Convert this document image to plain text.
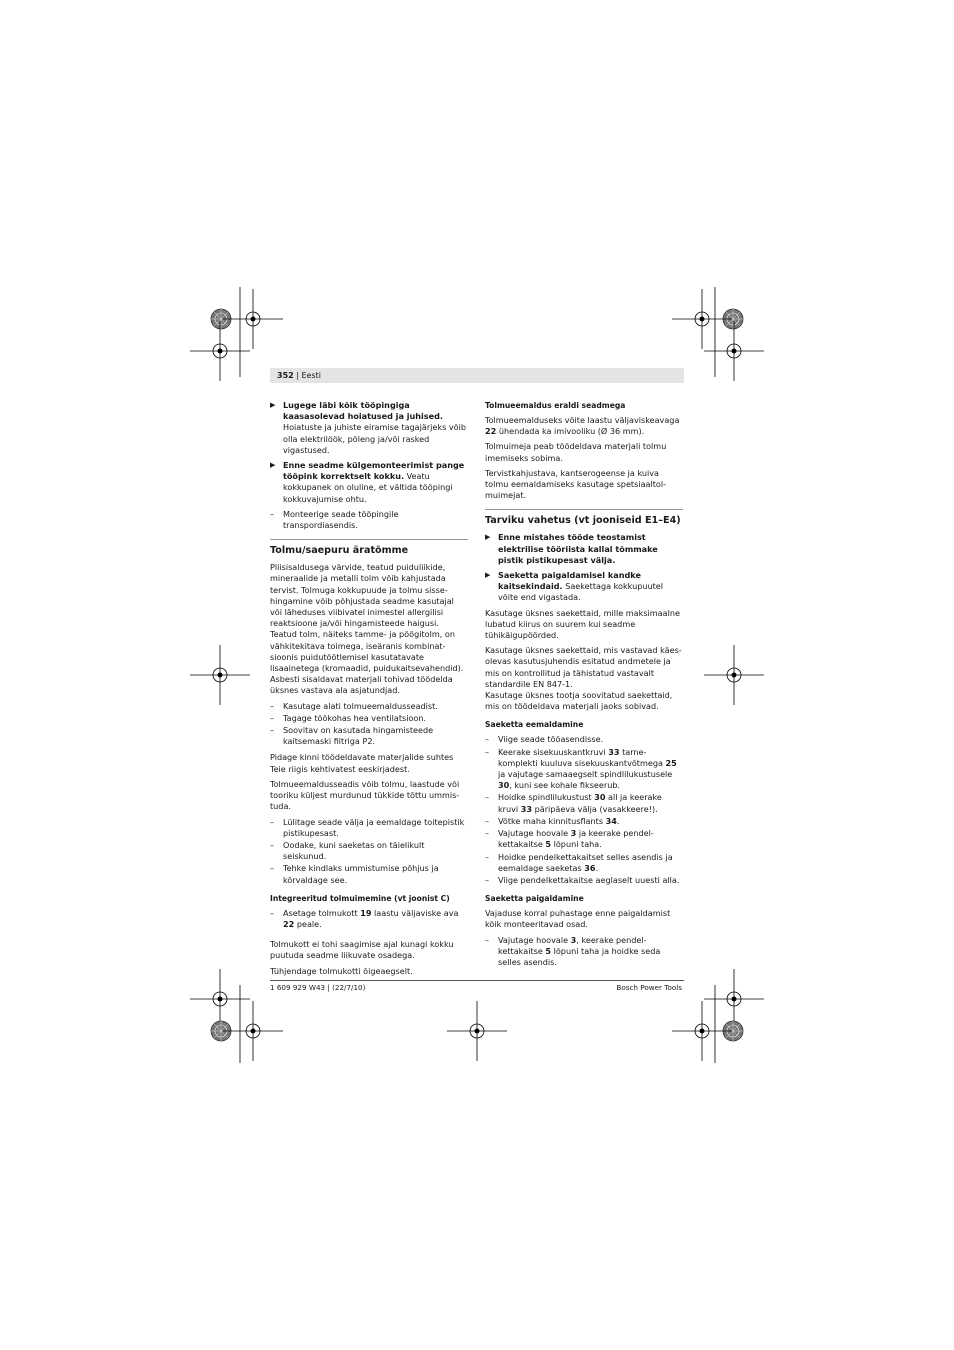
352 | Eesti
▶ Lugege läbi kõik tööpingiga kaasasolevad hoiatused ja juhised. Hoiatuste ja juhiste eiramise tagajärjeks võib olla elektrilöök, põleng ja/või rasked vigastused.
▶ Enne seadme külgemonteerimist pange tööpink korrektselt kokku. Veatu kokkupanek on oluline, et vältida tööpingi kokkuvajumise ohtu.
– Monteerige seade tööpingile transpordiasendis.
Tolmu/saepuru äratõmme

Pliisisaldusega värvide, teatud puiduliikide, mineraalide ja metalli tolm võib kahjustada tervist. Tolmuga kokkupuude ja tolmu sisse-hingamine võib põhjustada seadme kasutajal või läheduses viibivatel inimestel allergilisi reaktsioone ja/või hingamisteede haigusi. Teatud tolm, näiteks tamme- ja pöögitolm, on vähkitekitava toimega, iseäranis kombinat-sioonis puidutöötlemisel kasutatavate lisaainetega (kromaadid, puidukaitsevahendid). Asbesti sisaldavat materjali tohivad töödelda üksnes vastava ala asjatundjad.

– Kasutage alati tolmueemaldusseadist.
– Tagage töökohas hea ventilatsioon.
– Soovitav on kasutada hingamisteede kaitsemaski filtriga P2.

Pidage kinni töödeldavate materjalide suhtes Teie riigis kehtivatest eeskirjadest.

Tolmueemaldusseadis võib tolmu, laastude või tooriku küljest murdunud tükkide tõttu ummis-tuda.

– Lülitage seade välja ja eemaldage toitepistik pistikupesast.
– Oodake, kuni saeketas on täielikult seiskunud.
– Tehke kindlaks ummistumise põhjus ja kõrvaldage see.
Integreeritud tolmuimemine (vt joonist C)
– Asetage tolmukott 19 laastu väljaviske ava 22 peale.

Tolmukott ei tohi saagimise ajal kunagi kokku puutuda seadme liikuvate osadega.

Tühjendage tolmukotti õigeaegselt.

Tolmueemaldus eraldi seadmega

Tolmueemalduseks võite laastu väljaviskeavaga 22 ühendada ka imivooliku (Ø 36 mm).

Tolmuimeja peab töödeldava materjali tolmu imemiseks sobima.

Tervistkahjustava, kantserogeense ja kuiva tolmu eemaldamiseks kasutage spetsiaaltol-muimejat.

Tarviku vahetus (vt jooniseid E1–E4)
▶ Enne mistahes tööde teostamist elektrilise tööriista kallal tõmmake pistik pistikupesast välja.
▶ Saeketta paigaldamisel kandke kaitsekindaid. Saekettaga kokkupuutel võite end vigastada.

Kasutage üksnes saekettaid, mille maksimaalne lubatud kiirus on suurem kui seadme tühikäigupöörded.

Kasutage üksnes saekettaid, mis vastavad käes-olevas kasutusjuhendis esitatud andmetele ja mis on kontrollitud ja tähistatud vastavalt standardile EN 847-1.

Kasutage üksnes tootja soovitatud saekettaid, mis on töödeldava materjali jaoks sobivad.

Saeketta eemaldamine
– Viige seade tööasendisse.
– Keerake sisekuuskantkruvi 33 tarne-komplekti kuuluva sisekuuskantvõtmega 25 ja vajutage samaaegselt spindlilukustusele 30, kuni see kohale fikseerub.
– Hoidke spindlilukustust 30 all ja keerake kruvi 33 päripäeva välja (vasakkeere!).
– Võtke maha kinnitusflants 34.
– Vajutage hoovale 3 ja keerake pendel-kettakaitse 5 lõpuni taha.
– Hoidke pendelkettakaitset selles asendis ja eemaldage saeketas 36.
– Viige pendelkettakaitse aeglaselt uuesti alla.
Saeketta paigaldamine

Vajaduse korral puhastage enne paigaldamist kõik monteeritavad osad.

– Vajutage hoovale 3, keerake pendel-kettakaitse 5 lõpuni taha ja hoidke seda selles asendis.
1 609 929 W43 | (22/7/10)	Bosch Power Tools
